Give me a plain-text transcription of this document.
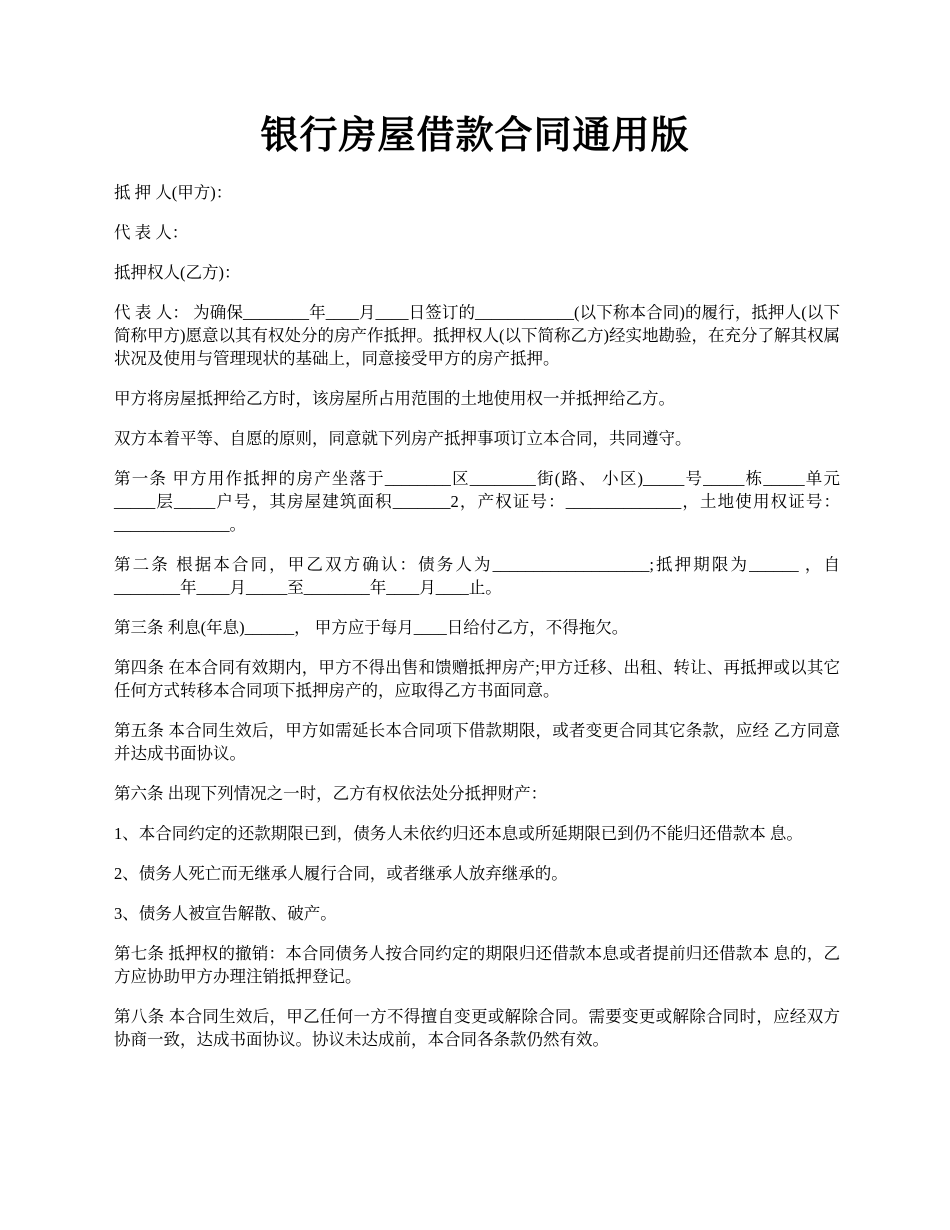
银行房屋借款合同通用版

抵 押 人(甲方)：

代 表 人：

抵押权人(乙方)：

代 表 人： 为确保________年____月____日签订的____________(以下称本合同)的履行，抵押人(以下简称甲方)愿意以其有权处分的房产作抵押。抵押权人(以下简称乙方)经实地勘验，在充分了解其权属状况及使用与管理现状的基础上，同意接受甲方的房产抵押。

甲方将房屋抵押给乙方时，该房屋所占用范围的土地使用权一并抵押给乙方。

双方本着平等、自愿的原则，同意就下列房产抵押事项订立本合同，共同遵守。

第一条 甲方用作抵押的房产坐落于________区________街(路、 小区)_____号_____栋_____单元_____层_____户号，其房屋建筑面积_______2，产权证号：______________，土地使用权证号：______________。

第二条 根据本合同，甲乙双方确认：债务人为___________________;抵押期限为______ ，自________年____月_____至________年____月____止。

第三条 利息(年息)______， 甲方应于每月____日给付乙方，不得拖欠。

第四条 在本合同有效期内，甲方不得出售和馈赠抵押房产;甲方迁移、出租、转让、再抵押或以其它任何方式转移本合同项下抵押房产的，应取得乙方书面同意。

第五条 本合同生效后，甲方如需延长本合同项下借款期限，或者变更合同其它条款，应经 乙方同意并达成书面协议。

第六条 出现下列情况之一时，乙方有权依法处分抵押财产：

1、本合同约定的还款期限已到，债务人未依约归还本息或所延期限已到仍不能归还借款本 息。

2、债务人死亡而无继承人履行合同，或者继承人放弃继承的。

3、债务人被宣告解散、破产。

第七条 抵押权的撤销：本合同债务人按合同约定的期限归还借款本息或者提前归还借款本 息的，乙方应协助甲方办理注销抵押登记。

第八条 本合同生效后，甲乙任何一方不得擅自变更或解除合同。需要变更或解除合同时，应经双方协商一致，达成书面协议。协议未达成前，本合同各条款仍然有效。
